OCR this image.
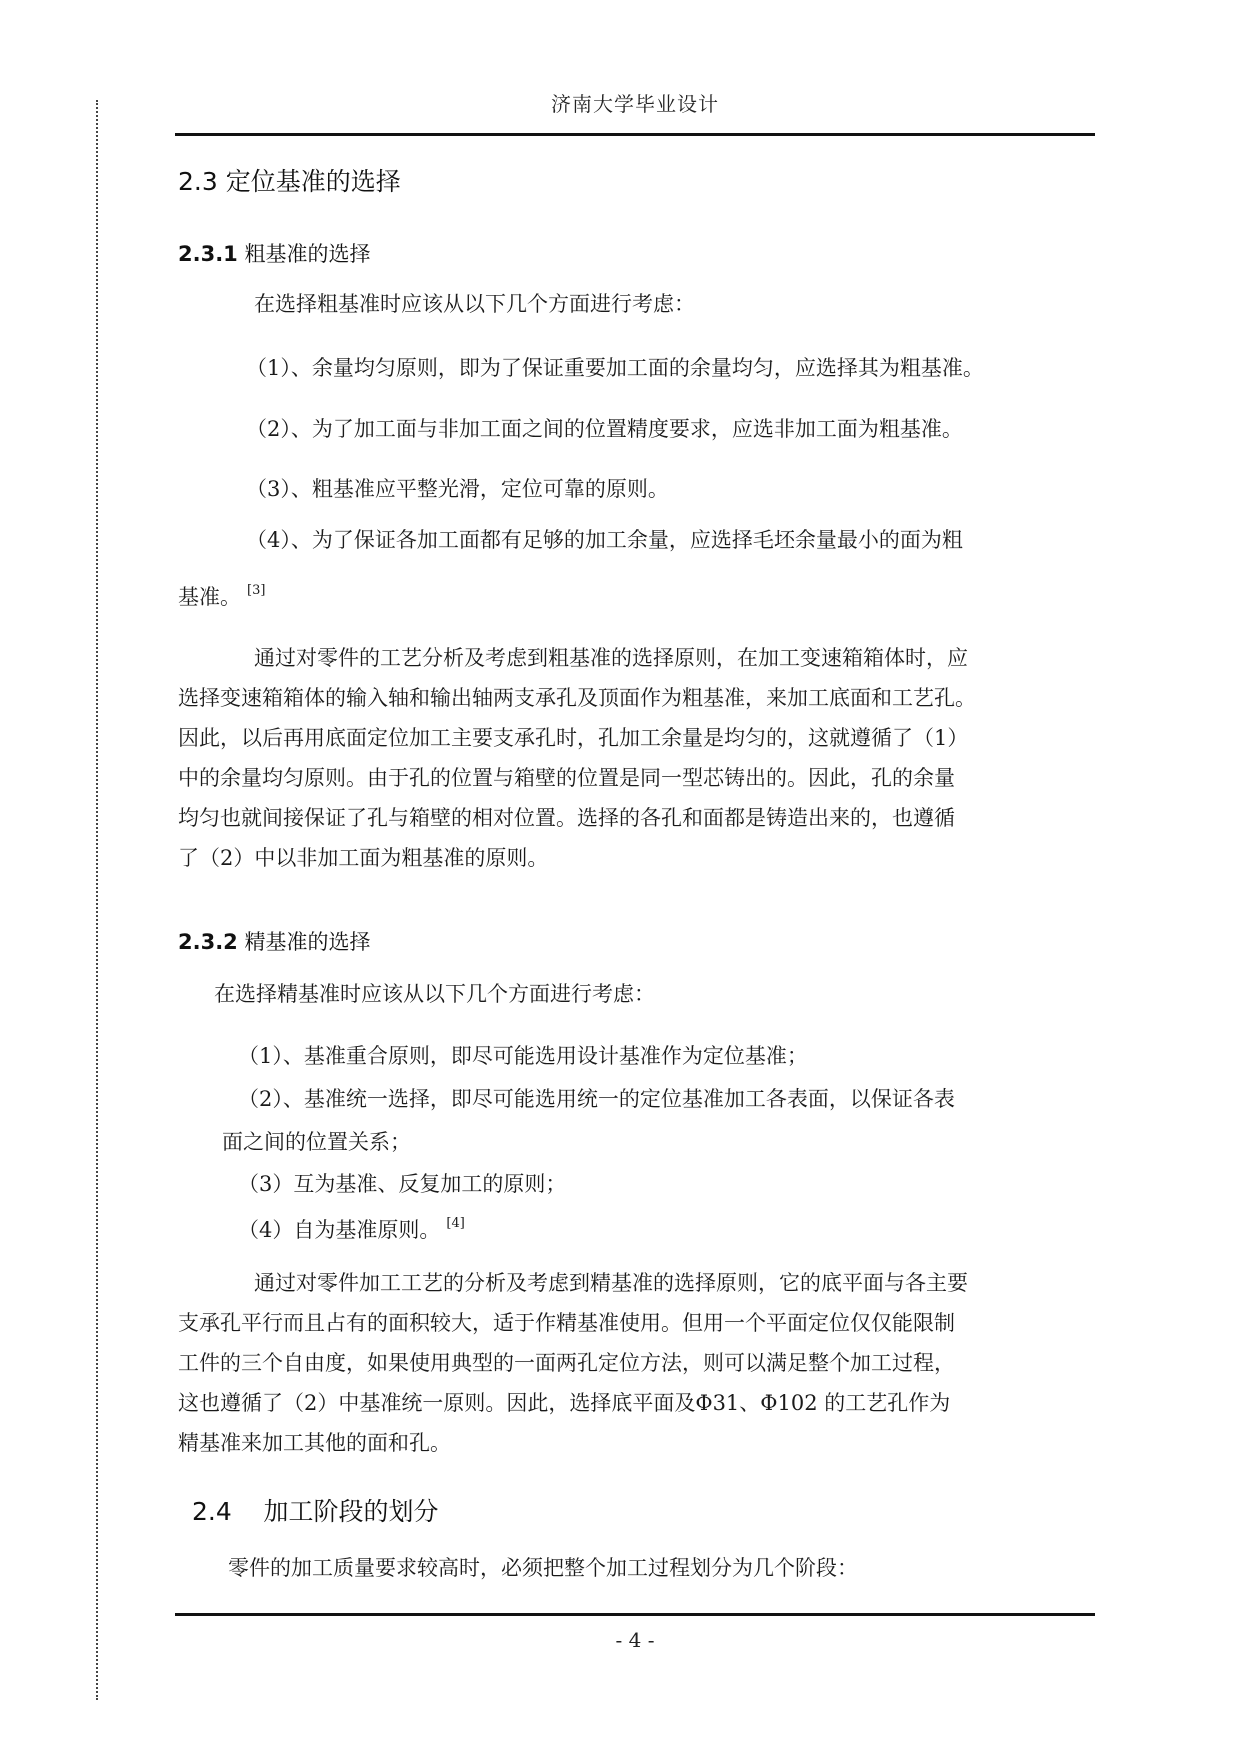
济南大学毕业设计
2.3 定位基准的选择
2.3.1 粗基准的选择
在选择粗基准时应该从以下几个方面进行考虑：
（1）、余量均匀原则，即为了保证重要加工面的余量均匀，应选择其为粗基准。
（2）、为了加工面与非加工面之间的位置精度要求，应选非加工面为粗基准。
（3）、粗基准应平整光滑，定位可靠的原则。
（4）、为了保证各加工面都有足够的加工余量，应选择毛坯余量最小的面为粗
基准。 [3]
通过对零件的工艺分析及考虑到粗基准的选择原则，在加工变速箱箱体时，应
选择变速箱箱体的输入轴和输出轴两支承孔及顶面作为粗基准，来加工底面和工艺孔。
因此，以后再用底面定位加工主要支承孔时，孔加工余量是均匀的，这就遵循了（1）
中的余量均匀原则。由于孔的位置与箱壁的位置是同一型芯铸出的。因此，孔的余量
均匀也就间接保证了孔与箱壁的相对位置。选择的各孔和面都是铸造出来的，也遵循
了（2）中以非加工面为粗基准的原则。
2.3.2 精基准的选择
在选择精基准时应该从以下几个方面进行考虑：
（1）、基准重合原则，即尽可能选用设计基准作为定位基准；
（2）、基准统一选择，即尽可能选用统一的定位基准加工各表面，以保证各表
面之间的位置关系；
（3）互为基准、反复加工的原则；
（4）自为基准原则。 [4]
通过对零件加工工艺的分析及考虑到精基准的选择原则，它的底平面与各主要
支承孔平行而且占有的面积较大，适于作精基准使用。但用一个平面定位仅仅能限制
工件的三个自由度，如果使用典型的一面两孔定位方法，则可以满足整个加工过程，
这也遵循了（2）中基准统一原则。因此，选择底平面及Φ31、Φ102 的工艺孔作为
精基准来加工其他的面和孔。
2.4    加工阶段的划分
零件的加工质量要求较高时，必须把整个加工过程划分为几个阶段：
- 4 -
